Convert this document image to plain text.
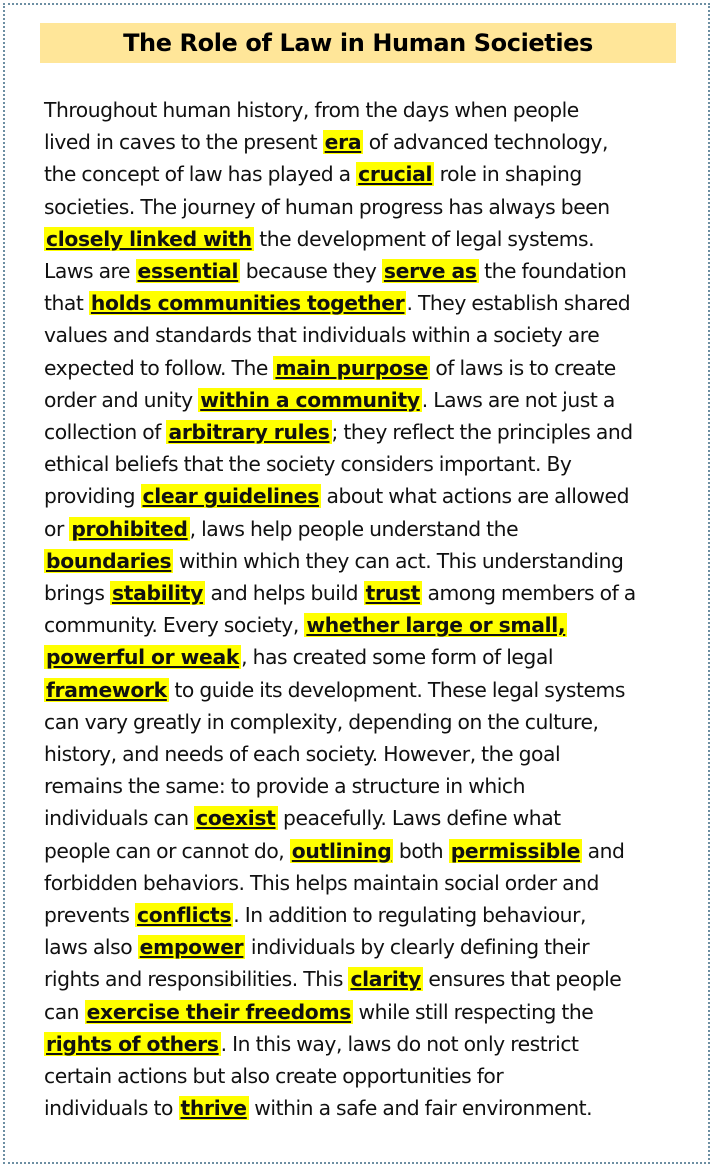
The Role of Law in Human Societies
Throughout human history, from the days when people
lived in caves to the present era of advanced technology,
the concept of law has played a crucial role in shaping
societies. The journey of human progress has always been
closely linked with the development of legal systems.
Laws are essential because they serve as the foundation
that holds communities together. They establish shared
values and standards that individuals within a society are
expected to follow. The main purpose of laws is to create
order and unity within a community. Laws are not just a
collection of arbitrary rules; they reflect the principles and
ethical beliefs that the society considers important. By
providing clear guidelines about what actions are allowed
or prohibited, laws help people understand the
boundaries within which they can act. This understanding
brings stability and helps build trust among members of a
community. Every society, whether large or small,
powerful or weak, has created some form of legal
framework to guide its development. These legal systems
can vary greatly in complexity, depending on the culture,
history, and needs of each society. However, the goal
remains the same: to provide a structure in which
individuals can coexist peacefully. Laws define what
people can or cannot do, outlining both permissible and
forbidden behaviors. This helps maintain social order and
prevents conflicts. In addition to regulating behaviour,
laws also empower individuals by clearly defining their
rights and responsibilities. This clarity ensures that people
can exercise their freedoms while still respecting the
rights of others. In this way, laws do not only restrict
certain actions but also create opportunities for
individuals to thrive within a safe and fair environment.
